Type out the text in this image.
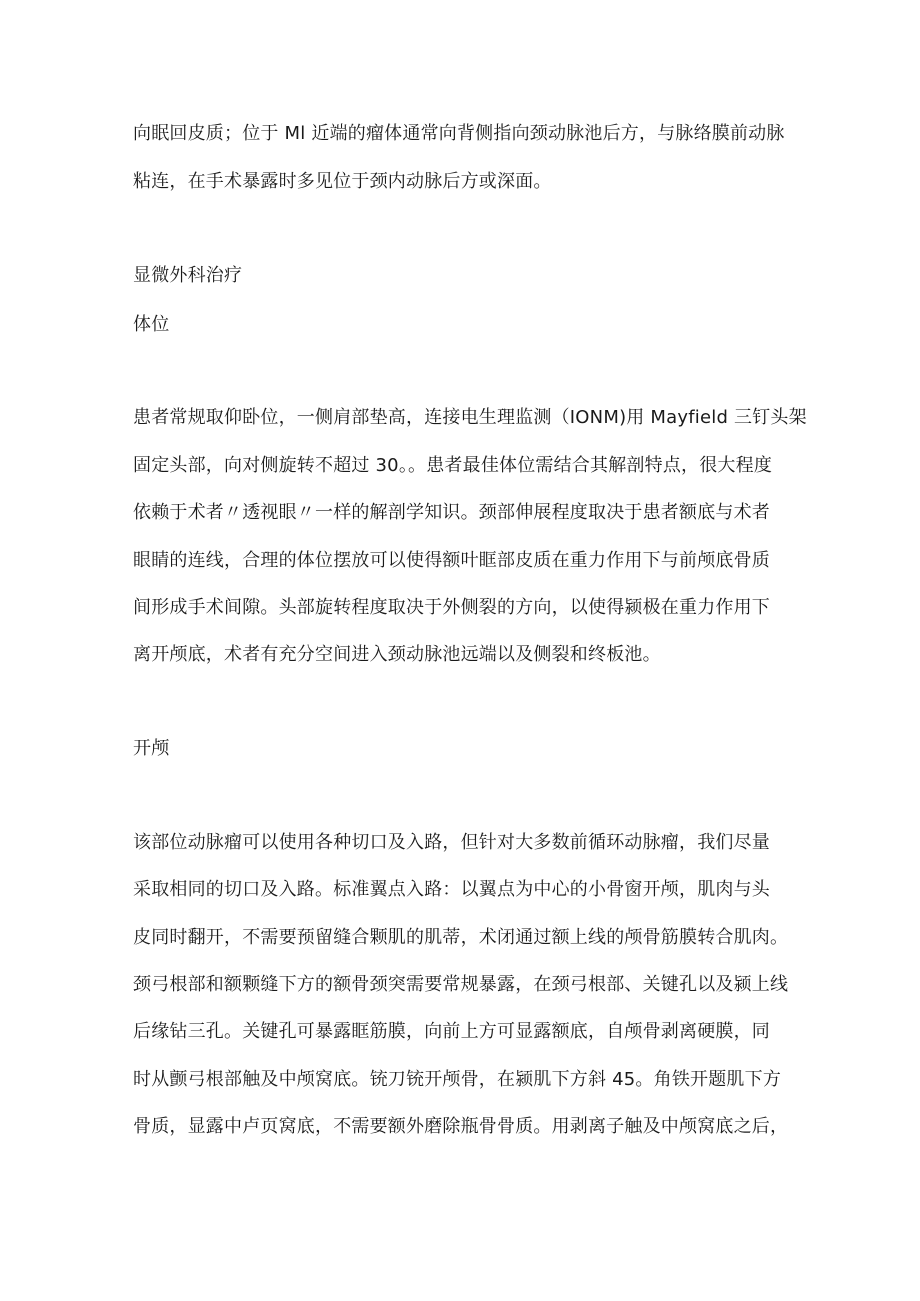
向眠回皮质；位于 Ml 近端的瘤体通常向背侧指向颈动脉池后方，与脉络膜前动脉
粘连，在手术暴露时多见位于颈内动脉后方或深面。
显微外科治疗
体位
患者常规取仰卧位，一侧肩部垫高，连接电生理监测（IONM)用 Mayfield 三钉头架
固定头部，向对侧旋转不超过 30。。患者最佳体位需结合其解剖特点，很大程度
依赖于术者〃透视眼〃一样的解剖学知识。颈部伸展程度取决于患者额底与术者
眼睛的连线，合理的体位摆放可以使得额叶眶部皮质在重力作用下与前颅底骨质
间形成手术间隙。头部旋转程度取决于外侧裂的方向，以使得颍极在重力作用下
离开颅底，术者有充分空间进入颈动脉池远端以及侧裂和终板池。
开颅
该部位动脉瘤可以使用各种切口及入路，但针对大多数前循环动脉瘤，我们尽量
采取相同的切口及入路。标准翼点入路：以翼点为中心的小骨窗开颅，肌肉与头
皮同时翻开，不需要预留缝合颗肌的肌蒂，术闭通过额上线的颅骨筋膜转合肌肉。
颈弓根部和额颗缝下方的额骨颈突需要常规暴露，在颈弓根部、关键孔以及颍上线
后缘钻三孔。关键孔可暴露眶筋膜，向前上方可显露额底，自颅骨剥离硬膜，同
时从颤弓根部触及中颅窝底。铳刀铳开颅骨，在颍肌下方斜 45。角铁开题肌下方
骨质，显露中卢页窝底，不需要额外磨除瓶骨骨质。用剥离子触及中颅窝底之后，
